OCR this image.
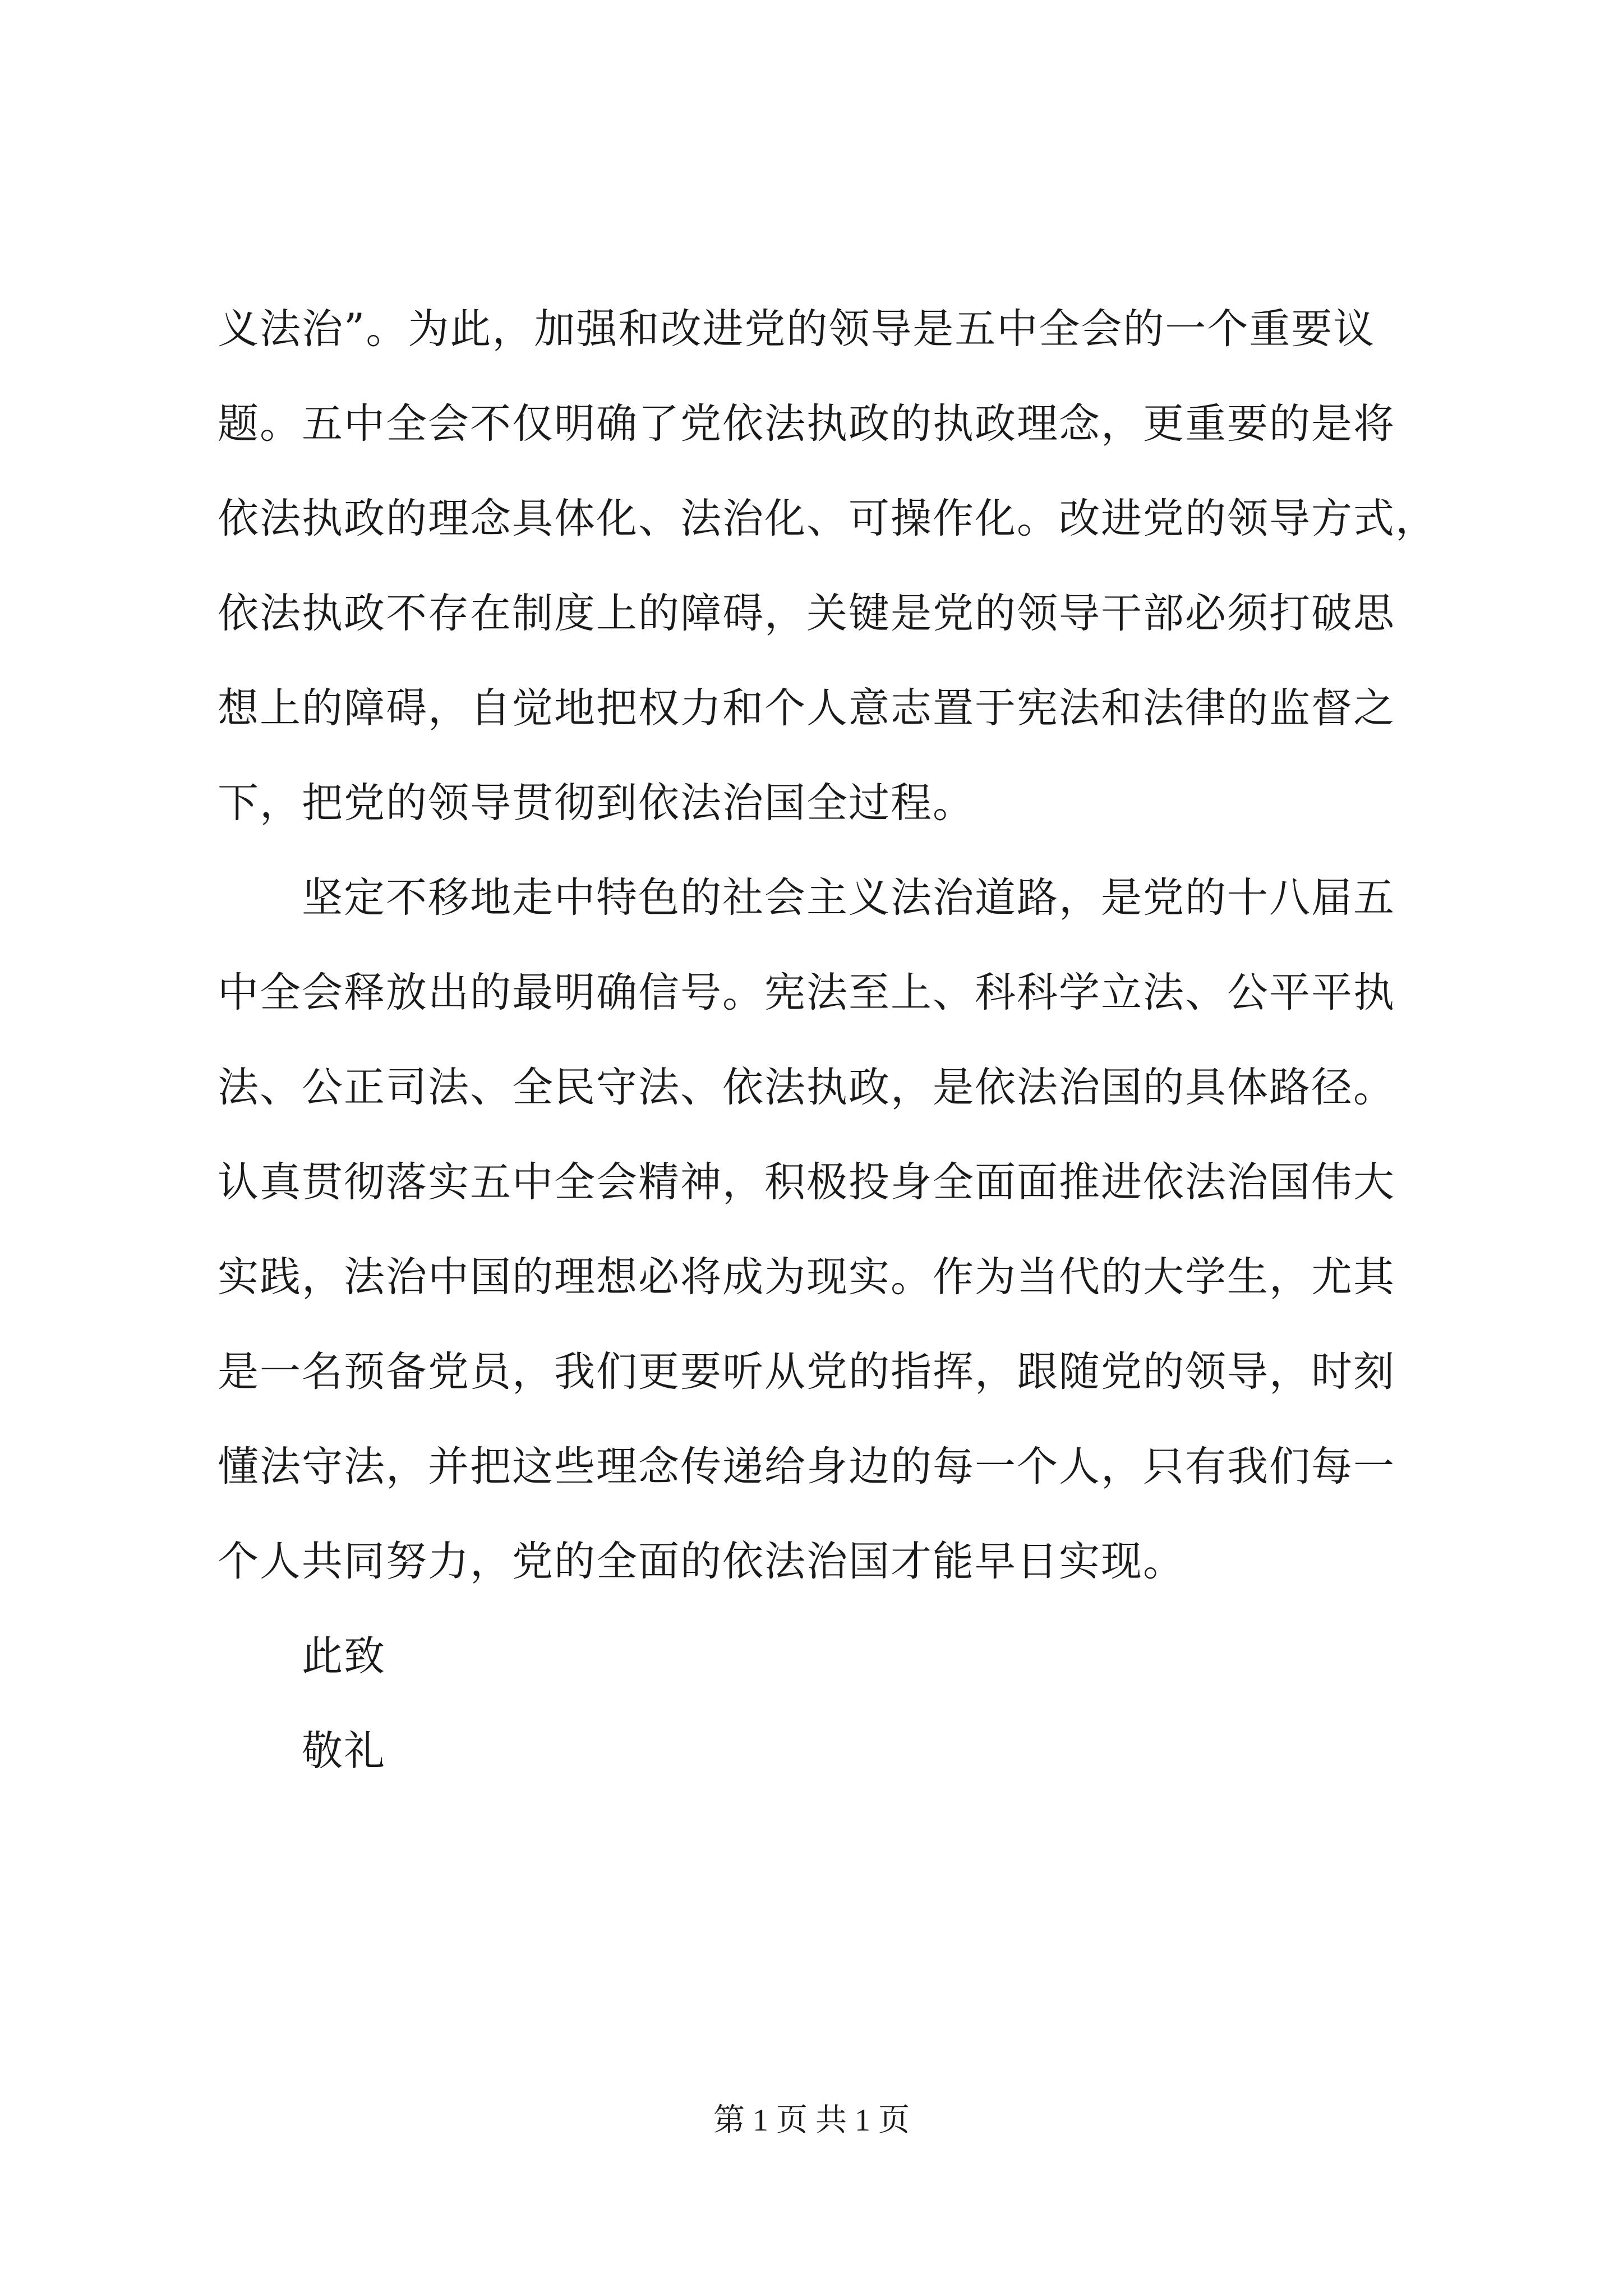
义法治”。为此，加强和改进党的领导是五中全会的一个重要议
题。五中全会不仅明确了党依法执政的执政理念，更重要的是将
依法执政的理念具体化、法治化、可操作化。改进党的领导方式，
依法执政不存在制度上的障碍，关键是党的领导干部必须打破思
想上的障碍，自觉地把权力和个人意志置于宪法和法律的监督之
下，把党的领导贯彻到依法治国全过程。
坚定不移地走中特色的社会主义法治道路，是党的十八届五
中全会释放出的最明确信号。宪法至上、科科学立法、公平平执
法、公正司法、全民守法、依法执政，是依法治国的具体路径。
认真贯彻落实五中全会精神，积极投身全面面推进依法治国伟大
实践，法治中国的理想必将成为现实。作为当代的大学生，尤其
是一名预备党员，我们更要听从党的指挥，跟随党的领导，时刻
懂法守法，并把这些理念传递给身边的每一个人，只有我们每一
个人共同努力，党的全面的依法治国才能早日实现。
此致
敬礼
第 1 页 共 1 页
